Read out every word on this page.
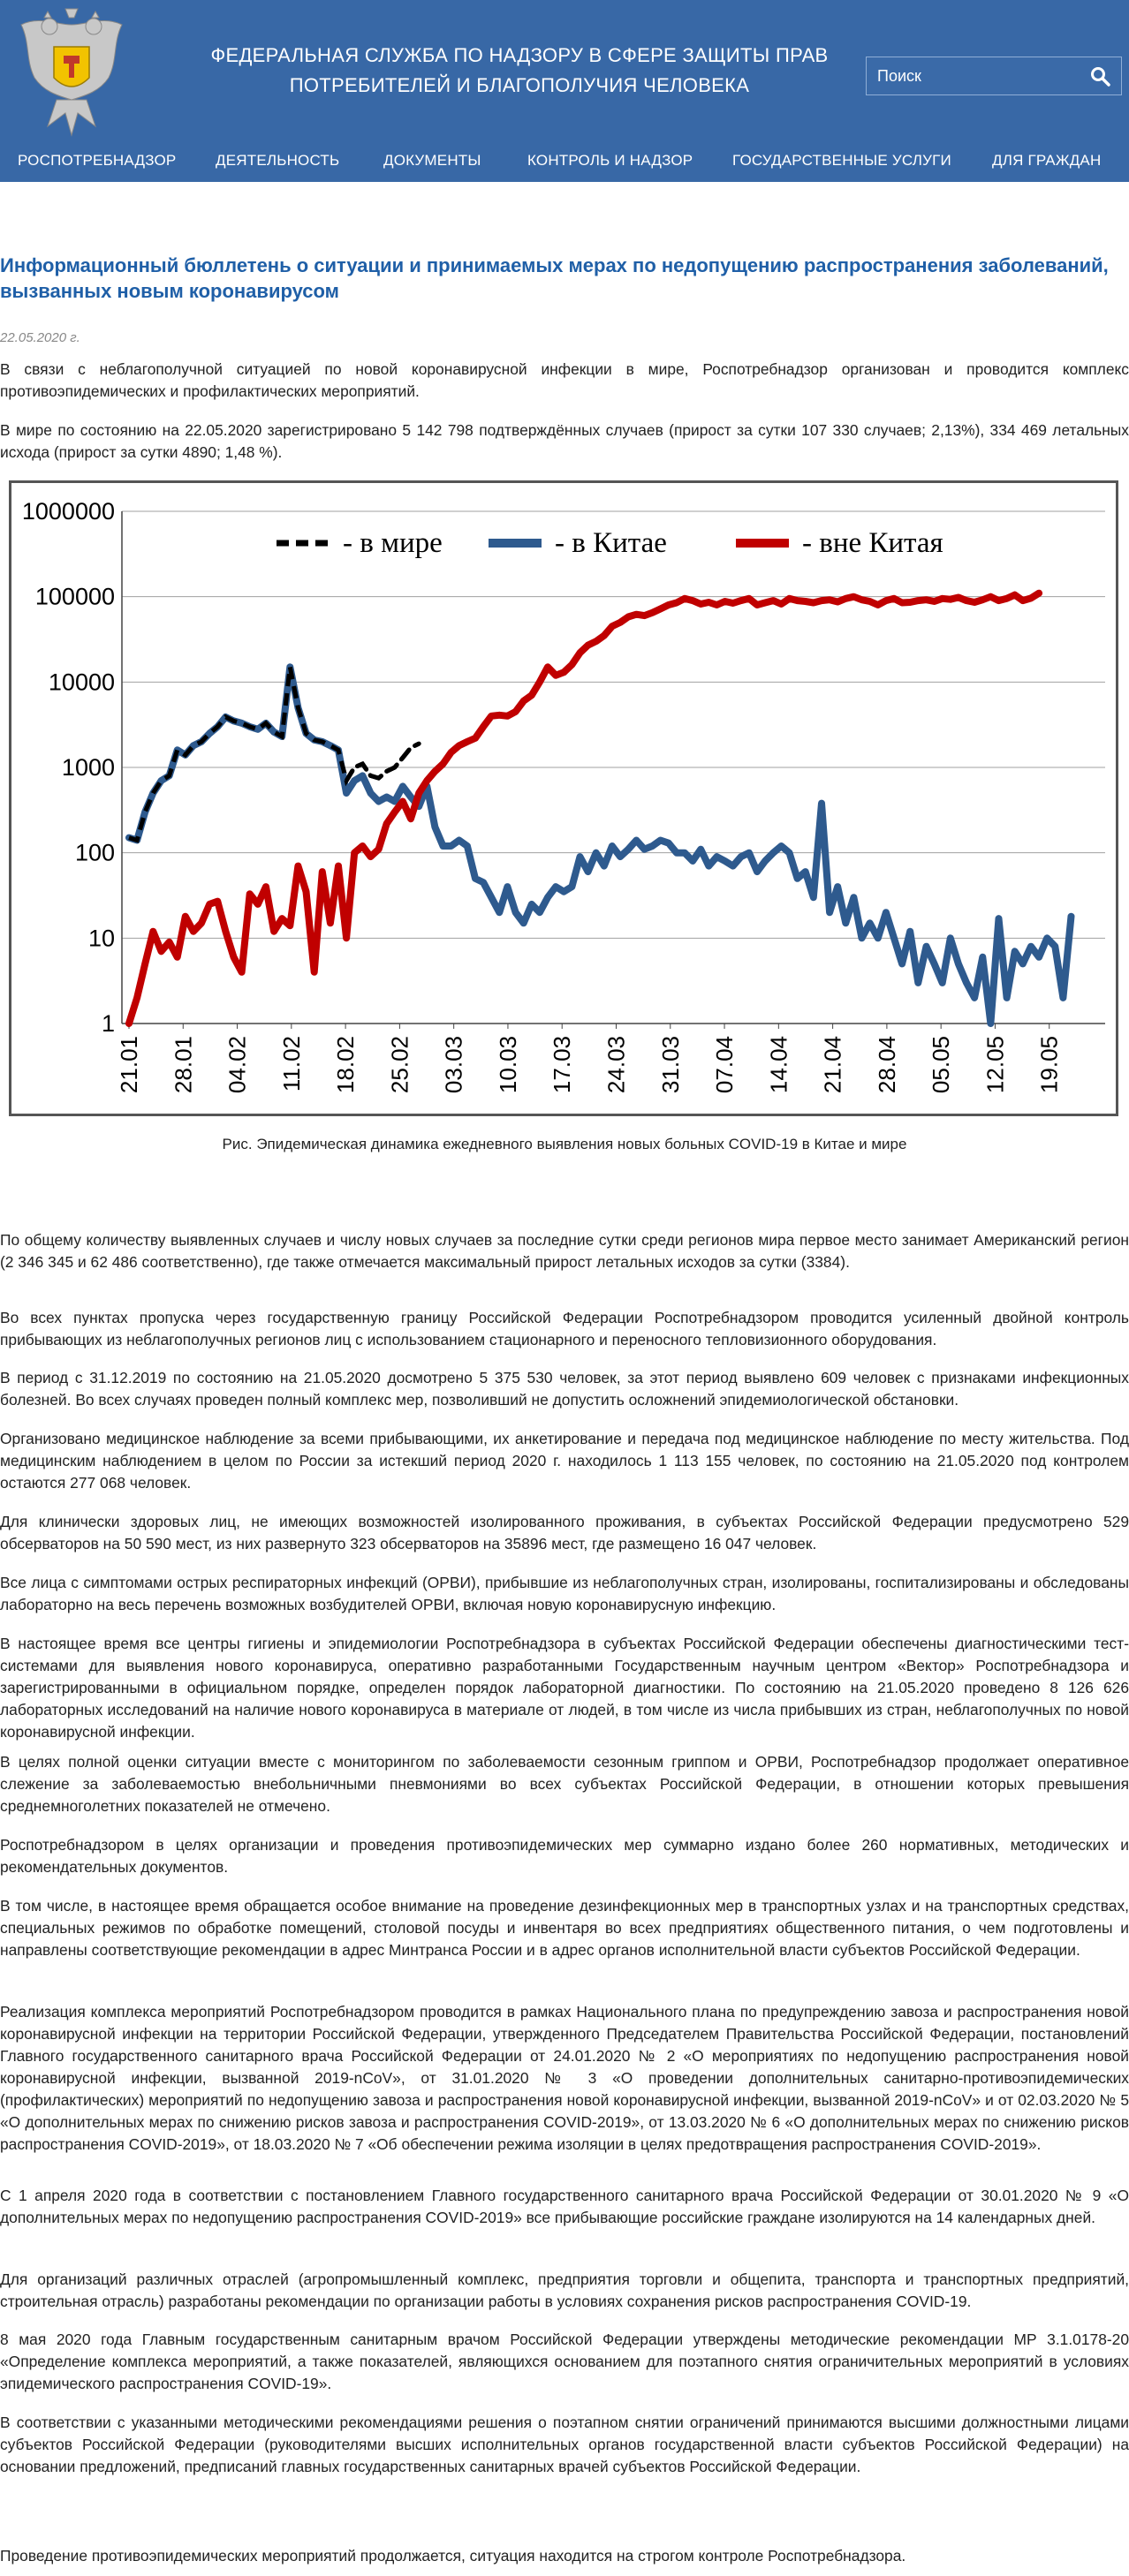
ФЕДЕРАЛЬНАЯ СЛУЖБА ПО НАДЗОРУ В СФЕРЕ ЗАЩИТЫ ПРАВ
ПОТРЕБИТЕЛЕЙ И БЛАГОПОЛУЧИЯ ЧЕЛОВЕКА
Поиск
РОСПОТРЕБНАДЗОР	ДЕЯТЕЛЬНОСТЬ	ДОКУМЕНТЫ	КОНТРОЛЬ И НАДЗОР	ГОСУДАРСТВЕННЫЕ УСЛУГИ	ДЛЯ ГРАЖДАН
Информационный бюллетень о ситуации и принимаемых мерах по недопущению распространения заболеваний, вызванных новым коронавирусом
22.05.2020 г.

В связи с неблагополучной ситуацией по новой коронавирусной инфекции в мире, Роспотребнадзор организован и проводится комплекс противоэпидемических и профилактических мероприятий.

В мире по состоянию на 22.05.2020 зарегистрировано 5 142 798 подтверждённых случаев (прирост за сутки 107 330 случаев; 2,13%), 334 469 летальных исхода (прирост за сутки 4890; 1,48 %).

1
10
100
1000
10000
100000
1000000
21.01 28.01 04.02 11.02 18.02 25.02 03.03 10.03 17.03 24.03 31.03 07.04 14.04 21.04 28.04 05.05 12.05 19.05
- в мире	- в Китае	- вне Китая
Рис. Эпидемическая динамика ежедневного выявления новых больных COVID-19 в Китае и мире

По общему количеству выявленных случаев и числу новых случаев за последние сутки среди регионов мира первое место занимает Американский регион (2 346 345 и 62 486 соответственно), где также отмечается максимальный прирост летальных исходов за сутки (3384).

Во всех пунктах пропуска через государственную границу Российской Федерации Роспотребнадзором проводится усиленный двойной контроль прибывающих из неблагополучных регионов лиц с использованием стационарного и переносного тепловизионного оборудования.

В период с 31.12.2019 по состоянию на 21.05.2020 досмотрено 5 375 530 человек, за этот период выявлено 609 человек с признаками инфекционных болезней. Во всех случаях проведен полный комплекс мер, позволивший не допустить осложнений эпидемиологической обстановки.

Организовано медицинское наблюдение за всеми прибывающими, их анкетирование и передача под медицинское наблюдение по месту жительства. Под медицинским наблюдением в целом по России за истекший период 2020 г. находилось 1 113 155 человек, по состоянию на 21.05.2020 под контролем остаются 277 068 человек.

Для клинически здоровых лиц, не имеющих возможностей изолированного проживания, в субъектах Российской Федерации предусмотрено 529 обсерваторов на 50 590 мест, из них развернуто 323 обсерваторов на 35896 мест, где размещено 16 047 человек.

Все лица с симптомами острых респираторных инфекций (ОРВИ), прибывшие из неблагополучных стран, изолированы, госпитализированы и обследованы лабораторно на весь перечень возможных возбудителей ОРВИ, включая новую коронавирусную инфекцию.

В настоящее время все центры гигиены и эпидемиологии Роспотребнадзора в субъектах Российской Федерации обеспечены диагностическими тест-системами для выявления нового коронавируса, оперативно разработанными Государственным научным центром «Вектор» Роспотребнадзора и зарегистрированными в официальном порядке, определен порядок лабораторной диагностики. По состоянию на 21.05.2020 проведено 8 126 626 лабораторных исследований на наличие нового коронавируса в материале от людей, в том числе из числа прибывших из стран, неблагополучных по новой коронавирусной инфекции.

В целях полной оценки ситуации вместе с мониторингом по заболеваемости сезонным гриппом и ОРВИ, Роспотребнадзор продолжает оперативное слежение за заболеваемостью внебольничными пневмониями во всех субъектах Российской Федерации, в отношении которых превышения среднемноголетних показателей не отмечено.

Роспотребнадзором в целях организации и проведения противоэпидемических мер суммарно издано более 260 нормативных, методических и рекомендательных документов.

В том числе, в настоящее время обращается особое внимание на проведение дезинфекционных мер в транспортных узлах и на транспортных средствах, специальных режимов по обработке помещений, столовой посуды и инвентаря во всех предприятиях общественного питания, о чем подготовлены и направлены соответствующие рекомендации в адрес Минтранса России и в адрес органов исполнительной власти субъектов Российской Федерации.

Реализация комплекса мероприятий Роспотребнадзором проводится в рамках Национального плана по предупреждению завоза и распространения новой коронавирусной инфекции на территории Российской Федерации, утвержденного Председателем Правительства Российской Федерации, постановлений Главного государственного санитарного врача Российской Федерации от 24.01.2020 № 2 «О мероприятиях по недопущению распространения новой коронавирусной инфекции, вызванной 2019-nCoV», от 31.01.2020 № 3 «О проведении дополнительных санитарно-противоэпидемических (профилактических) мероприятий по недопущению завоза и распространения новой коронавирусной инфекции, вызванной 2019-nCoV» и от 02.03.2020 № 5 «О дополнительных мерах по снижению рисков завоза и распространения COVID-2019», от 13.03.2020 № 6 «О дополнительных мерах по снижению рисков распространения COVID-2019», от 18.03.2020 № 7 «Об обеспечении режима изоляции в целях предотвращения распространения COVID-2019».

С 1 апреля 2020 года в соответствии с постановлением Главного государственного санитарного врача Российской Федерации от 30.01.2020 № 9 «О дополнительных мерах по недопущению распространения COVID-2019» все прибывающие российские граждане изолируются на 14 календарных дней.

Для организаций различных отраслей (агропромышленный комплекс, предприятия торговли и общепита, транспорта и транспортных предприятий, строительная отрасль) разработаны рекомендации по организации работы в условиях сохранения рисков распространения COVID-19.

8 мая 2020 года Главным государственным санитарным врачом Российской Федерации утверждены методические рекомендации МР 3.1.0178-20 «Определение комплекса мероприятий, а также показателей, являющихся основанием для поэтапного снятия ограничительных мероприятий в условиях эпидемического распространения COVID-19».

В соответствии с указанными методическими рекомендациями решения о поэтапном снятии ограничений принимаются высшими должностными лицами субъектов Российской Федерации (руководителями высших исполнительных органов государственной власти субъектов Российской Федерации) на основании предложений, предписаний главных государственных санитарных врачей субъектов Российской Федерации.

Проведение противоэпидемических мероприятий продолжается, ситуация находится на строгом контроле Роспотребнадзора.
